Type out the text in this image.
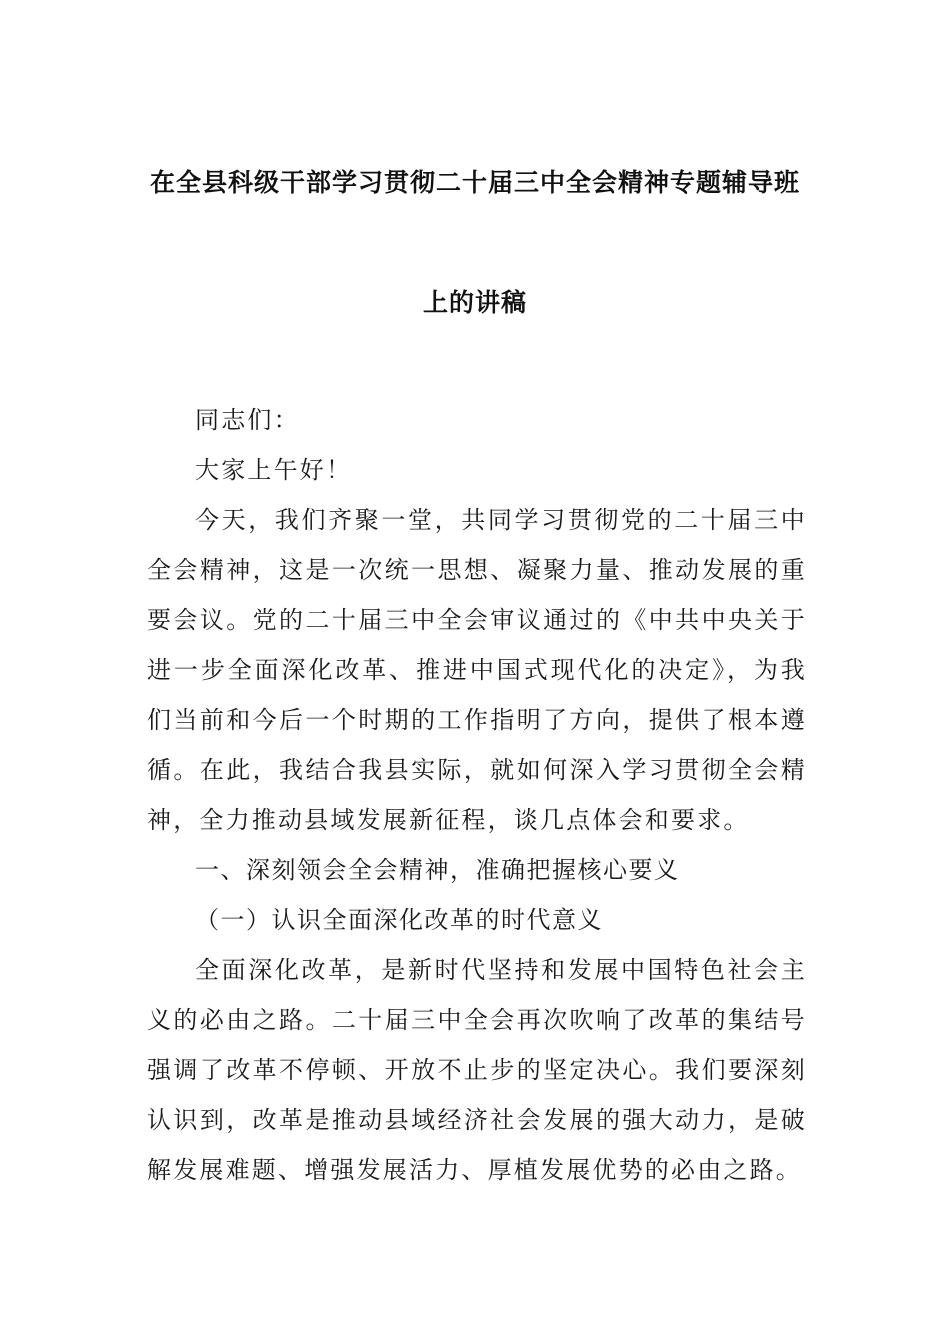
在全县科级干部学习贯彻二十届三中全会精神专题辅导班
上的讲稿

同志们：

大家上午好！

今天，我们齐聚一堂，共同学习贯彻党的二十届三中全会精神，这是一次统一思想、凝聚力量、推动发展的重要会议。党的二十届三中全会审议通过的《中共中央关于进一步全面深化改革、推进中国式现代化的决定》，为我们当前和今后一个时期的工作指明了方向，提供了根本遵循。在此，我结合我县实际，就如何深入学习贯彻全会精神，全力推动县域发展新征程，谈几点体会和要求。

一、深刻领会全会精神，准确把握核心要义

（一）认识全面深化改革的时代意义

全面深化改革，是新时代坚持和发展中国特色社会主义的必由之路。二十届三中全会再次吹响了改革的集结号强调了改革不停顿、开放不止步的坚定决心。我们要深刻认识到，改革是推动县域经济社会发展的强大动力，是破解发展难题、增强发展活力、厚植发展优势的必由之路。
